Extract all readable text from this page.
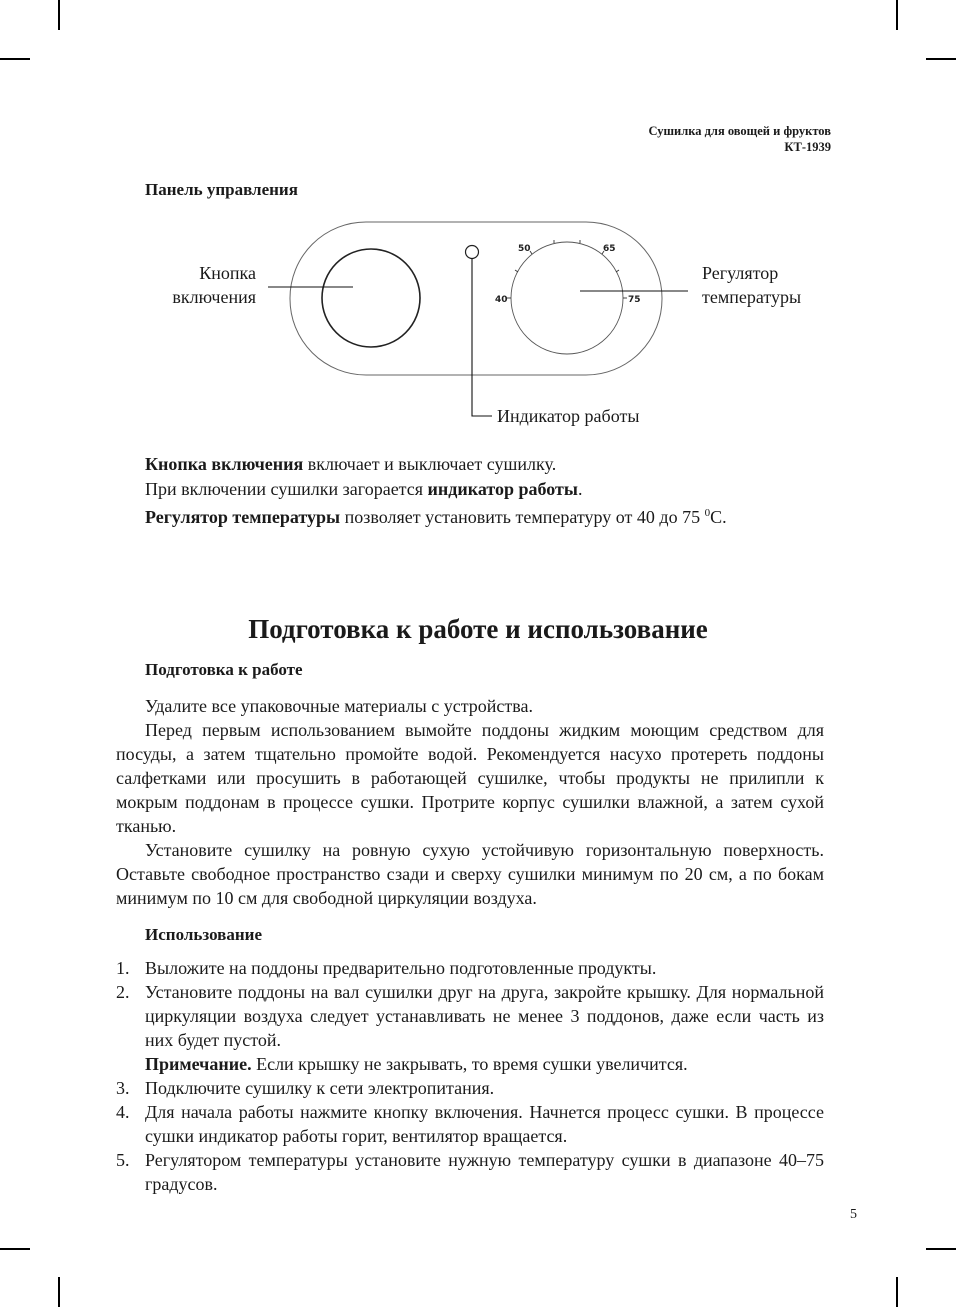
Сушилка для овощей и фруктов
КТ-1939
Панель управления
40
50	65
75
Кнопка
включения
Регулятор
температуры
Индикатор работы
Кнопка включения включает и выключает сушилку.
При включении сушилки загорается индикатор работы.
Регулятор температуры позволяет установить температуру от 40 до 75 $^0$С.
Подготовка к работе и использование
Подготовка к работе

Удалите все упаковочные материалы с устройства.

Перед первым использованием вымойте поддоны жидким моющим средством для посуды, а затем тщательно промойте водой. Рекомендуется насухо протереть поддоны салфетками или просушить в работающей сушилке, чтобы продукты не прилипли к мокрым поддонам в процессе сушки. Протрите корпус сушилки влажной, а затем сухой тканью.

Установите сушилку на ровную сухую устойчивую горизонтальную поверхность. Оставьте свободное пространство сзади и сверху сушилки минимум по 20 см, а по бокам минимум по 10 см для свободной циркуляции воздуха.

Использование
1. Выложите на поддоны предварительно подготовленные продукты.
2. Установите поддоны на вал сушилки друг на друга, закройте крышку. Для нормальной циркуляции воздуха следует устанавливать не менее 3 поддонов, даже если часть из них будет пустой.
Примечание. Если крышку не закрывать, то время сушки увеличится.
3. Подключите сушилку к сети электропитания.
4. Для начала работы нажмите кнопку включения. Начнется процесс сушки. В процессе сушки индикатор работы горит, вентилятор вращается.
5. Регулятором температуры установите нужную температуру сушки в диапазоне 40–75 градусов.
5
